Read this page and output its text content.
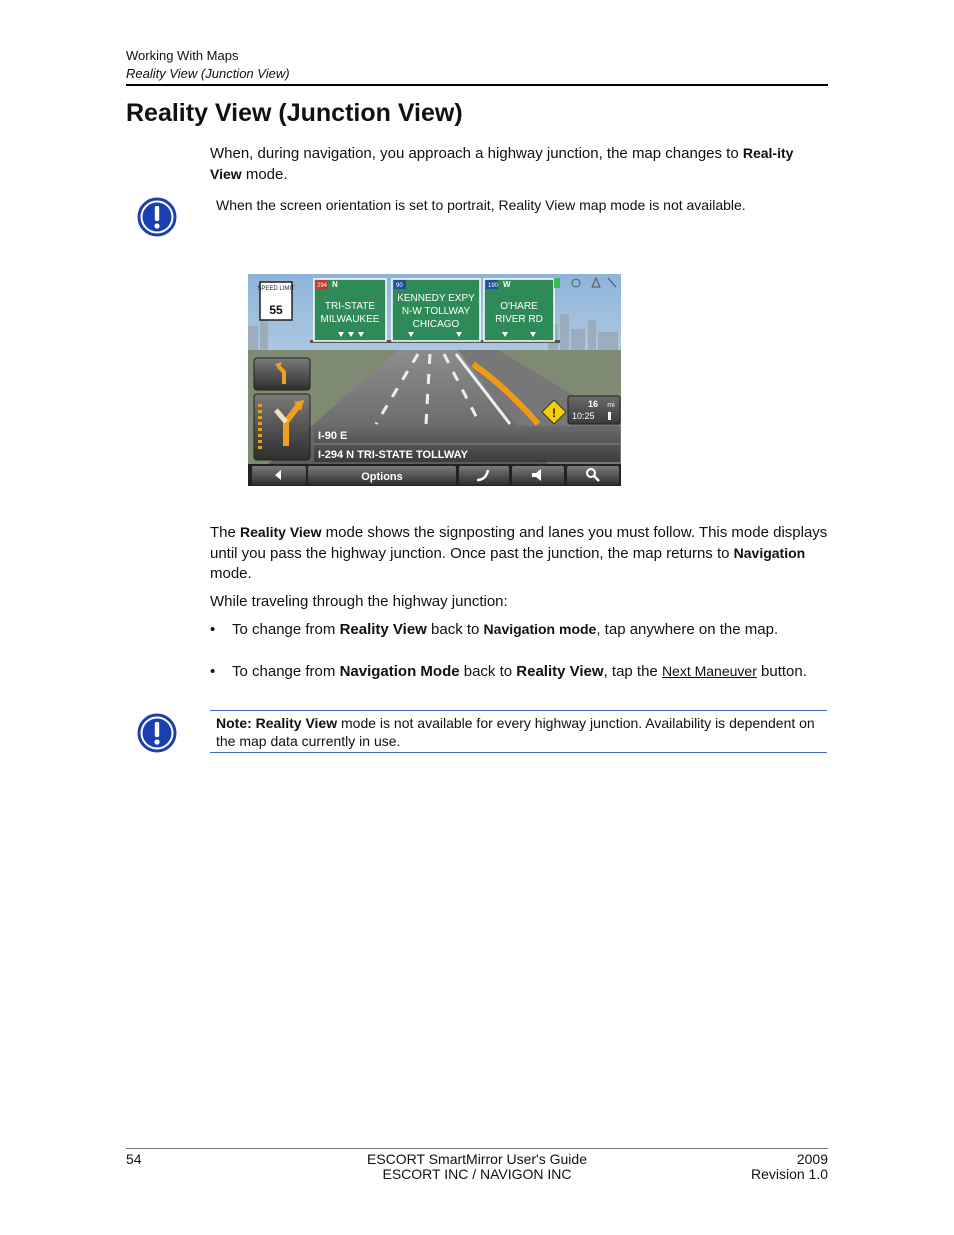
Working With Maps
Reality View (Junction View)
Reality View (Junction View)
When, during navigation, you approach a highway junction, the map changes to Real-ity View mode.
When the screen orientation is set to portrait, Reality View map mode is not available.
294 N
TRI-STATE
MILWAUKEE
90
KENNEDY EXPY
N-W TOLLWAY
CHICAGO
190 W
O'HARE
RIVER RD
SPEED LIMIT
55
!
16 mi
10:25
I-90 E
I-294 N TRI-STATE TOLLWAY
Options
The Reality View mode shows the signposting and lanes you must follow. This mode displays until you pass the highway junction. Once past the junction, the map returns to Navigation mode.
While traveling through the highway junction:
• To change from Reality View back to Navigation mode, tap anywhere on the map.
• To change from Navigation Mode back to Reality View, tap the Next Maneuver button.
Note: Reality View mode is not available for every highway junction. Availability is dependent on the map data currently in use.
54	ESCORT SmartMirror User's Guide
ESCORT INC / NAVIGON INC
2009
Revision 1.0
